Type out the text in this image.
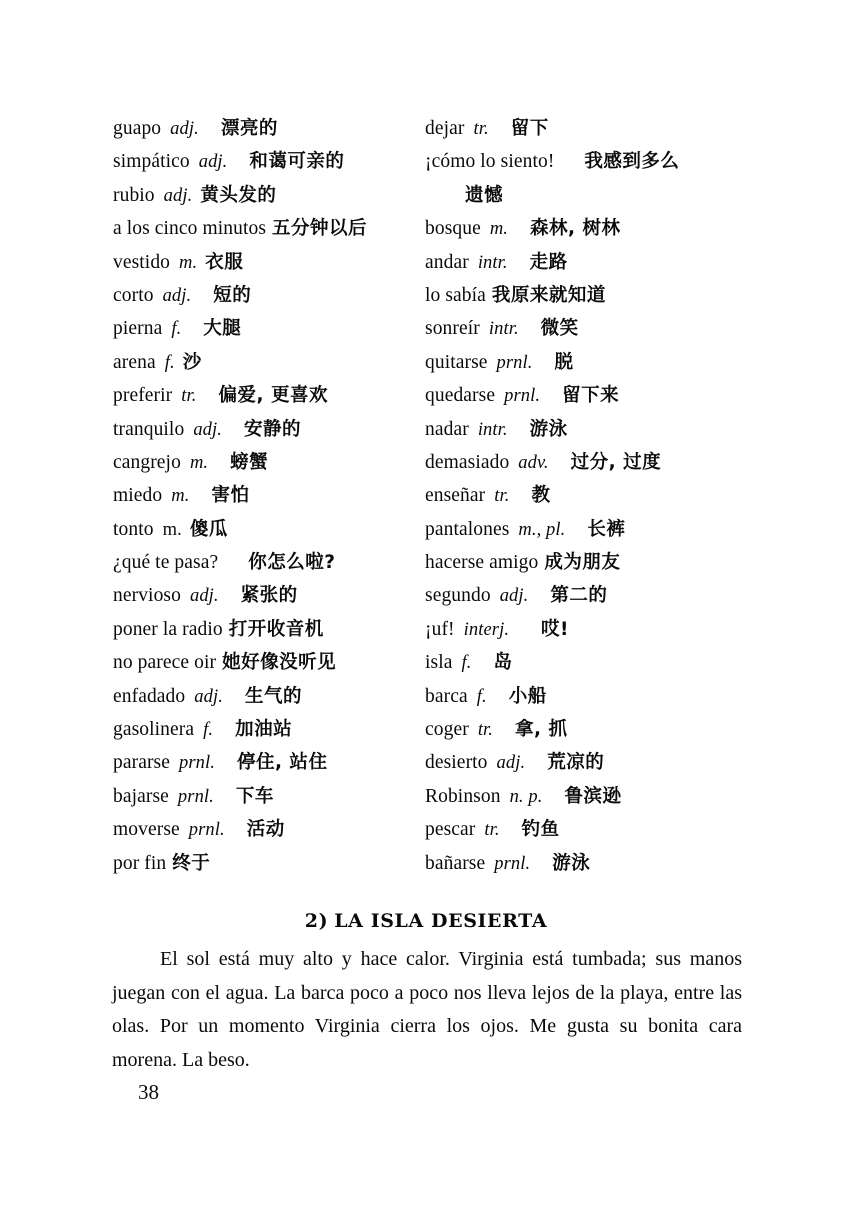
guapo adj. 漂亮的
simpático adj. 和蔼可亲的
rubio adj. 黄头发的
a los cinco minutos 五分钟以后
vestido m. 衣服
corto adj. 短的
pierna f. 大腿
arena f. 沙
preferir tr. 偏爱, 更喜欢
tranquilo adj. 安静的
cangrejo m. 螃蟹
miedo m. 害怕
tonto m. 傻瓜
¿qué te pasa? 你怎么啦?
nervioso adj. 紧张的
poner la radio 打开收音机
no parece oir 她好像没听见
enfadado adj. 生气的
gasolinera f. 加油站
pararse prnl. 停住, 站住
bajarse prnl. 下车
moverse prnl. 活动
por fin 终于
dejar tr. 留下
¡cómo lo siento! 我感到多么
遗憾
bosque m. 森林, 树林
andar intr. 走路
lo sabía 我原来就知道
sonreír intr. 微笑
quitarse prnl. 脱
quedarse prnl. 留下来
nadar intr. 游泳
demasiado adv. 过分, 过度
enseñar tr. 教
pantalones m., pl. 长裤
hacerse amigo 成为朋友
segundo adj. 第二的
¡uf! interj. 哎!
isla f. 岛
barca f. 小船
coger tr. 拿, 抓
desierto adj. 荒凉的
Robinson n. p. 鲁滨逊
pescar tr. 钓鱼
bañarse prnl. 游泳
2) LA ISLA DESIERTA
El sol está muy alto y hace calor. Virginia está tumbada; sus manos juegan con el agua. La barca poco a poco nos lleva lejos de la playa, entre las olas. Por un momento Virginia cierra los ojos. Me gusta su bonita cara morena. La beso.
38
